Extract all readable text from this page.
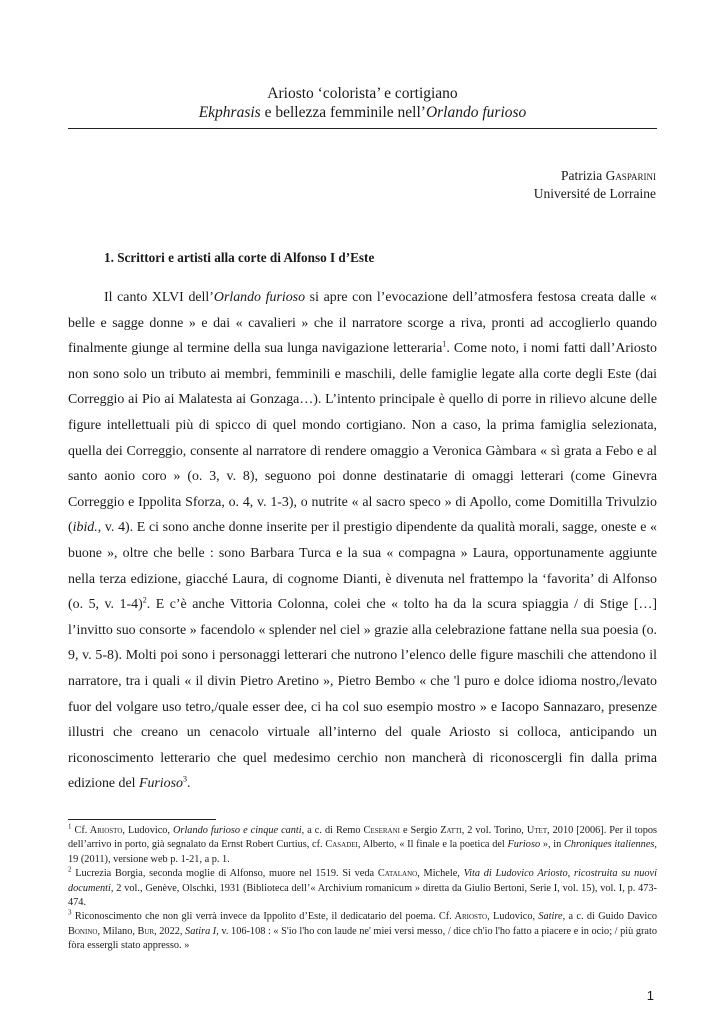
Ariosto ‘colorista’ e cortigiano
Ekphrasis e bellezza femminile nell’Orlando furioso
Patrizia Gasparini
Université de Lorraine
1. Scrittori e artisti alla corte di Alfonso I d’Este

Il canto XLVI dell’Orlando furioso si apre con l’evocazione dell’atmosfera festosa creata dalle « belle e sagge donne » e dai « cavalieri » che il narratore scorge a riva, pronti ad accoglierlo quando finalmente giunge al termine della sua lunga navigazione letteraria$^1$. Come noto, i nomi fatti dall’Ariosto non sono solo un tributo ai membri, femminili e maschili, delle famiglie legate alla corte degli Este (dai Correggio ai Pio ai Malatesta ai Gonzaga…). L’intento principale è quello di porre in rilievo alcune delle figure intellettuali più di spicco di quel mondo cortigiano. Non a caso, la prima famiglia selezionata, quella dei Correggio, consente al narratore di rendere omaggio a Veronica Gàmbara « sì grata a Febo e al santo aonio coro » (o. 3, v. 8), seguono poi donne destinatarie di omaggi letterari (come Ginevra Correggio e Ippolita Sforza, o. 4, v. 1-3), o nutrite « al sacro speco » di Apollo, come Domitilla Trivulzio (ibid., v. 4). E ci sono anche donne inserite per il prestigio dipendente da qualità morali, sagge, oneste e « buone », oltre che belle : sono Barbara Turca e la sua « compagna » Laura, opportunamente aggiunte nella terza edizione, giacché Laura, di cognome Dianti, è divenuta nel frattempo la ‘favorita’ di Alfonso (o. 5, v. 1-4)$^2$. E c’è anche Vittoria Colonna, colei che « tolto ha da la scura spiaggia / di Stige […] l’invitto suo consorte » facendolo « splender nel ciel » grazie alla celebrazione fattane nella sua poesia (o. 9, v. 5-8). Molti poi sono i personaggi letterari che nutrono l’elenco delle figure maschili che attendono il narratore, tra i quali « il divin Pietro Aretino », Pietro Bembo « che 'l puro e dolce idioma nostro,/levato fuor del volgare uso tetro,/quale esser dee, ci ha col suo esempio mostro » e Iacopo Sannazaro, presenze illustri che creano un cenacolo virtuale all’interno del quale Ariosto si colloca, anticipando un riconoscimento letterario che quel medesimo cerchio non mancherà di riconoscergli fin dalla prima edizione del Furioso$^3$.

$^1$ Cf. Ariosto, Ludovico, Orlando furioso e cinque canti, a c. di Remo Ceserani e Sergio Zatti, 2 vol. Torino, Utet, 2010 [2006]. Per il topos dell’arrivo in porto, già segnalato da Ernst Robert Curtius, cf. Casadei, Alberto, « Il finale e la poetica del Furioso », in Chroniques italiennes, 19 (2011), versione web p. 1-21, a p. 1.

$^2$ Lucrezia Borgia, seconda moglie di Alfonso, muore nel 1519. Si veda Catalano, Michele, Vita di Ludovico Ariosto, ricostruita su nuovi documenti, 2 vol., Genève, Olschki, 1931 (Biblioteca dell’« Archivium romanicum » diretta da Giulio Bertoni, Serie I, vol. 15), vol. I, p. 473-474.

$^3$ Riconoscimento che non gli verrà invece da Ippolito d’Este, il dedicatario del poema. Cf. Ariosto, Ludovico, Satire, a c. di Guido Davico Bonino, Milano, Bur, 2022, Satira I, v. 106-108 : « S'io l'ho con laude ne' miei versi messo, / dice ch'io l'ho fatto a piacere e in ocio; / più grato fòra essergli stato appresso. »

1
